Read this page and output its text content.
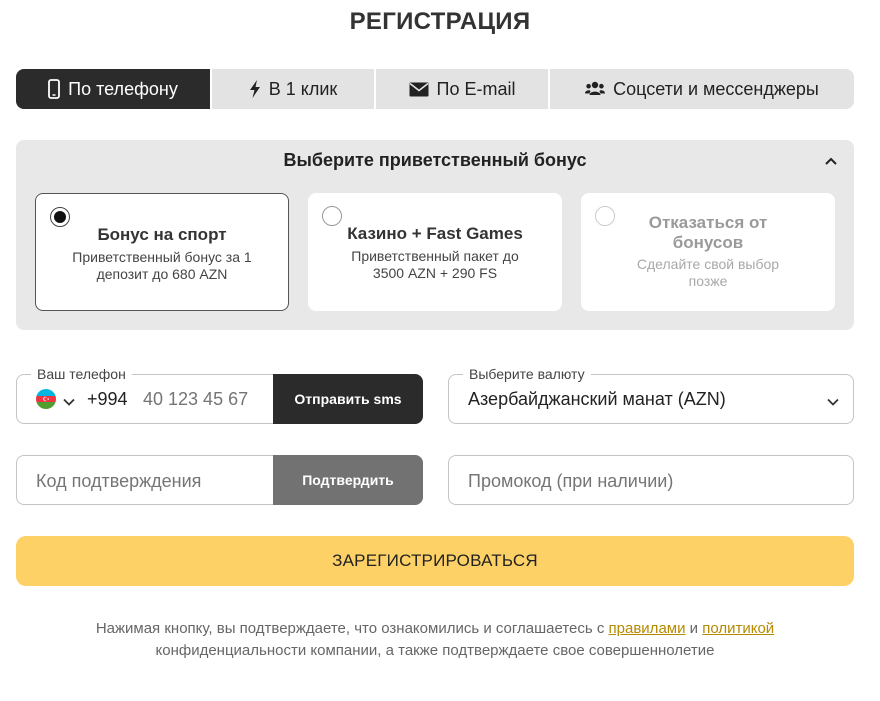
РЕГИСТРАЦИЯ
По телефону	В 1 клик	По E-mail	Соцсети и мессенджеры
Выберите приветственный бонус
Бонус на спорт
Приветственный бонус за 1 депозит до 680 AZN
Казино + Fast Games
Приветственный пакет до 3500 AZN + 290 FS
Отказаться от бонусов
Сделайте свой выбор позже
Ваш телефон
+994
40 123 45 67	Отправить sms
Выберите валюту
Азербайджанский манат (AZN)
Код подтверждения
Подтвердить
Промокод (при наличии)
ЗАРЕГИСТРИРОВАТЬСЯ
Нажимая кнопку, вы подтверждаете, что ознакомились и соглашаетесь с правилами и политикой
конфиденциальности компании, а также подтверждаете свое совершеннолетие
